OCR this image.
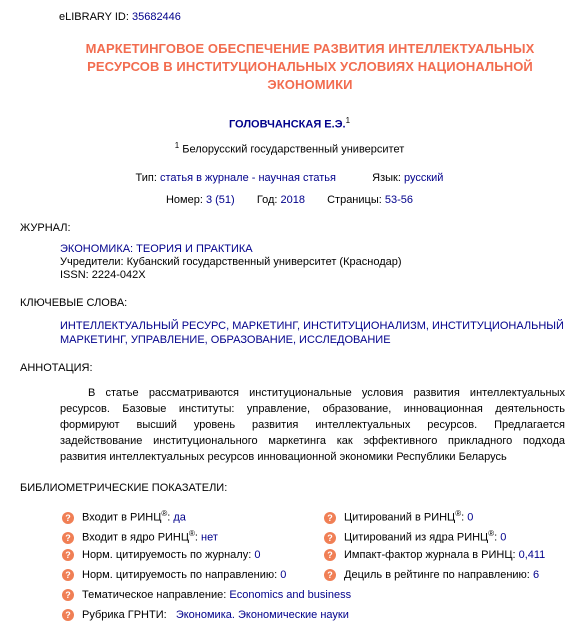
eLIBRARY ID: 35682446
МАРКЕТИНГОВОЕ ОБЕСПЕЧЕНИЕ РАЗВИТИЯ ИНТЕЛЛЕКТУАЛЬНЫХ РЕСУРСОВ В ИНСТИТУЦИОНАЛЬНЫХ УСЛОВИЯХ НАЦИОНАЛЬНОЙ ЭКОНОМИКИ
ГОЛОВЧАНСКАЯ Е.Э.$^1$
$^1$ Белорусский государственный университет
Тип: статья в журнале - научная статья	Язык: русский
Номер: 3 (51) Год: 2018 Страницы: 53-56
ЖУРНАЛ:
ЭКОНОМИКА: ТЕОРИЯ И ПРАКТИКА
Учредители: Кубанский государственный университет (Краснодар)
ISSN: 2224-042X
КЛЮЧЕВЫЕ СЛОВА:
ИНТЕЛЛЕКТУАЛЬНЫЙ РЕСУРС, МАРКЕТИНГ, ИНСТИТУЦИОНАЛИЗМ, ИНСТИТУЦИОНАЛЬНЫЙ
МАРКЕТИНГ, УПРАВЛЕНИЕ, ОБРАЗОВАНИЕ, ИССЛЕДОВАНИЕ
АННОТАЦИЯ:

В статье рассматриваются институциональные условия развития интеллектуальных ресурсов. Базовые институты: управление, образование, инновационная деятельность формируют высший уровень развития интеллектуальных ресурсов. Предлагается задействование институционального маркетинга как эффективного прикладного подхода развития интеллектуальных ресурсов инновационной экономики Республики Беларусь

БИБЛИОМЕТРИЧЕСКИЕ ПОКАЗАТЕЛИ:
? Входит в РИНЦ®: да
? Входит в ядро РИНЦ®: нет
? Норм. цитируемость по журналу: 0
? Норм. цитируемость по направлению: 0
? Тематическое направление: Economics and business
? Рубрика ГРНТИ: Экономика. Экономические науки
? Цитирований в РИНЦ®: 0
? Цитирований из ядра РИНЦ®: 0
? Импакт-фактор журнала в РИНЦ: 0,411
? Дециль в рейтинге по направлению: 6
